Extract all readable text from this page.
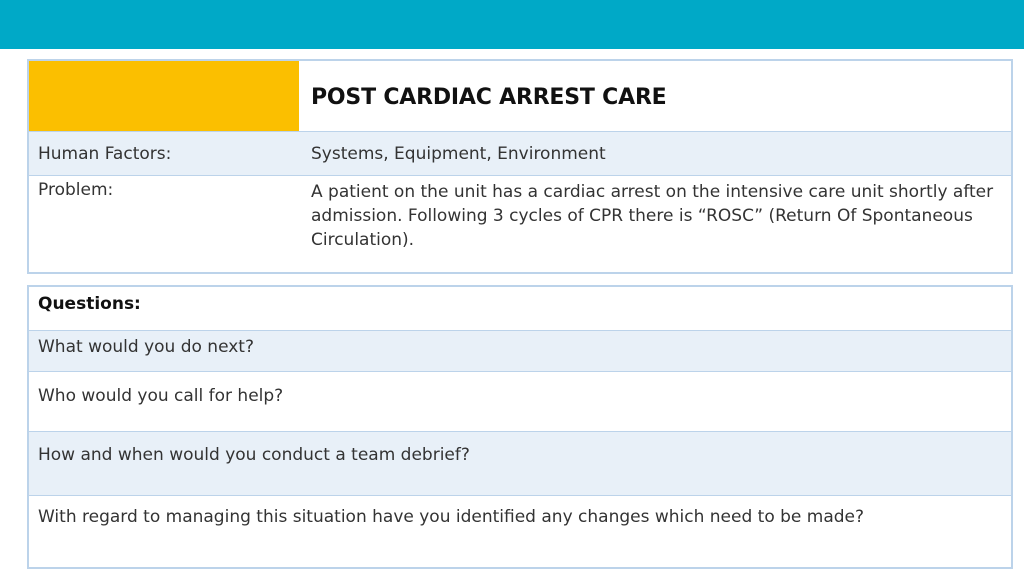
POST CARDIAC ARREST CARE
Human Factors:	Systems, Equipment, Environment
Problem:	A patient on the unit has a cardiac arrest on the intensive care unit shortly after admission. Following 3 cycles of CPR there is “ROSC” (Return Of Spontaneous Circulation).
Questions:
What would you do next?
Who would you call for help?
How and when would you conduct a team debrief?
With regard to managing this situation have you identified any changes which need to be made?
